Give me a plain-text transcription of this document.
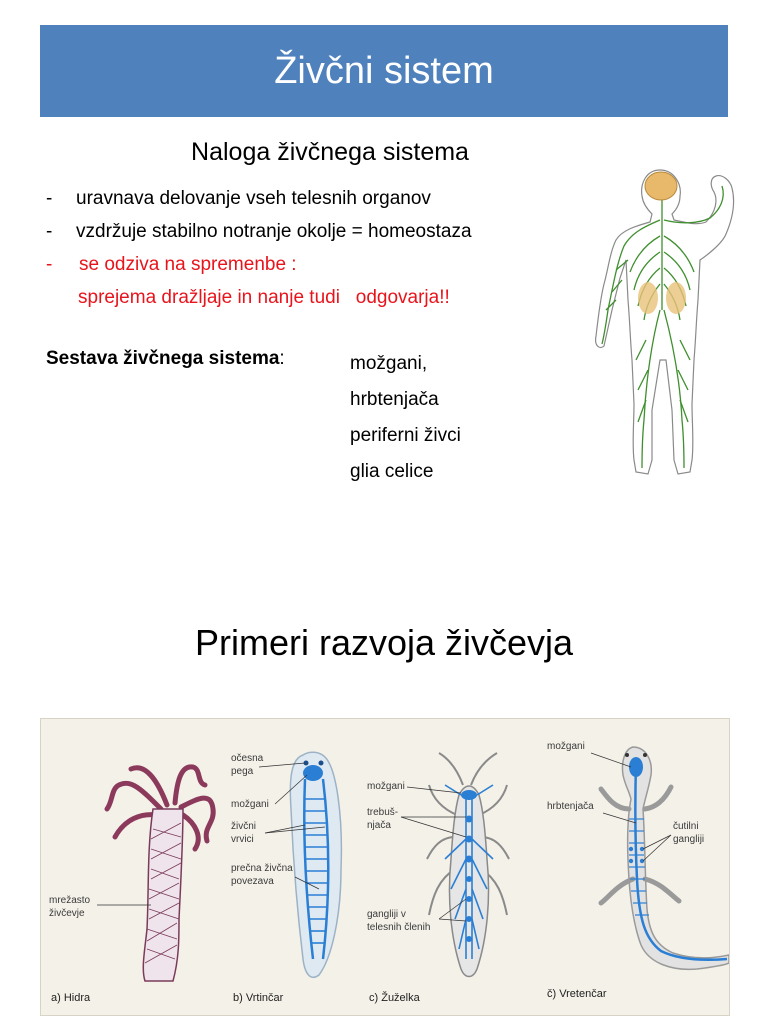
Živčni sistem
Naloga živčnega sistema
-	uravnava delovanje vseh telesnih organov
-	vzdržuje stabilno notranje okolje = homeostaza
-	se odziva na spremenbe :
sprejema dražljaje in nanje tudi   odgovarja!!
Sestava živčnega sistema:	možgani,
hrbtenjača
periferni živci
glia celice
Primeri razvoja živčevja
mrežasto
živčevje
a) Hidra
očesna
pega
možgani
živčni
vrvici
prečna živčna
povezava
b) Vrtinčar
možgani
trebuš-
njača
gangliji v
telesnih členih
c) Žuželka
možgani
hrbtenjača
čutilni
gangliji
č) Vretenčar
